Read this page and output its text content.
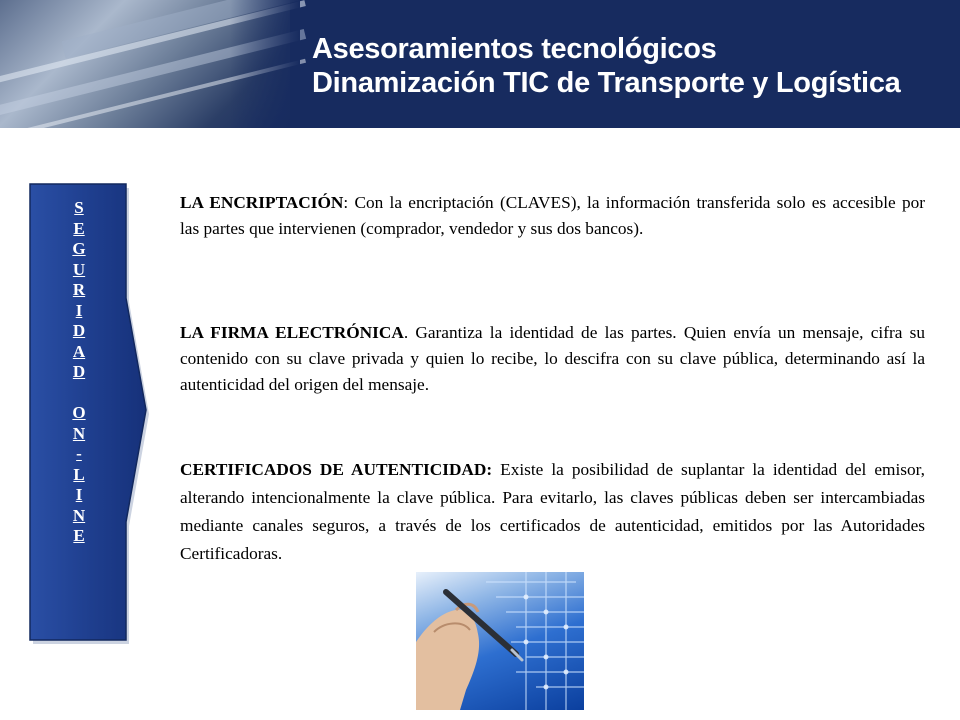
Asesoramientos tecnológicos
Dinamización TIC de Transporte y Logística
S
E
G
U
R
I
D
A
D
O
N
-
L
I
N
E
LA ENCRIPTACIÓN: Con la encriptación (CLAVES), la información transferida solo es accesible por las partes que intervienen (comprador, vendedor y sus dos bancos).
LA FIRMA ELECTRÓNICA. Garantiza la identidad de las partes. Quien envía un mensaje, cifra su contenido con su clave privada y quien lo recibe, lo descifra con su clave pública, determinando así la autenticidad del origen del mensaje.
CERTIFICADOS DE AUTENTICIDAD: Existe la posibilidad de suplantar la identidad del emisor, alterando intencionalmente la clave pública. Para evitarlo, las claves públicas deben ser intercambiadas mediante canales seguros, a través de los certificados de autenticidad, emitidos por las Autoridades Certificadoras.
